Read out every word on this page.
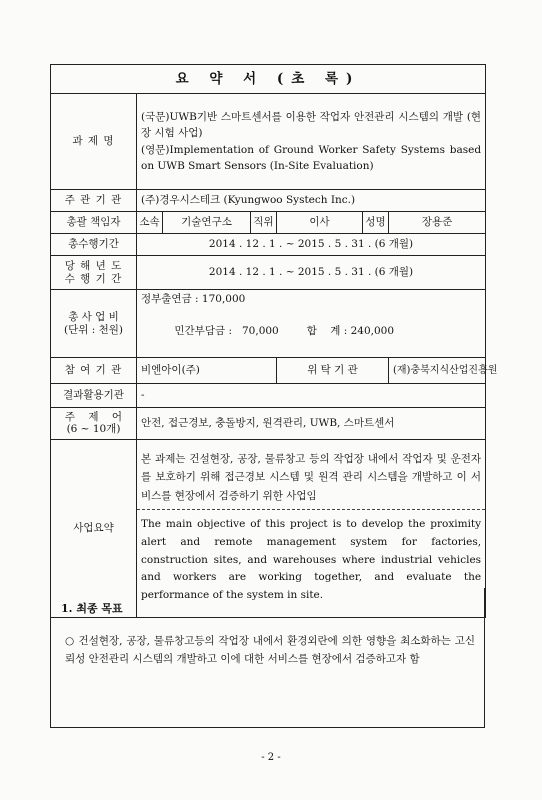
요 약 서 (초 록)						
과 제 명	(국문)UWB기반 스마트센서를 이용한 작업자 안전관리 시스템의 개발 (현장 시험 사업)
(영문)Implementation of Ground Worker Safety Systems based on UWB Smart Sensors (In-Site Evaluation)					

주 관 기 관	(주)경우시스테크 (Kyungwoo Systech Inc.)					
총괄 책임자	소속	기술연구소	직위	이사	성명	장용준
총수행기간	2014 . 12 . 1 . ~ 2015 . 5 . 31 . (6 개월)					

당 해 년 도
수 행 기 간	2014 . 12 . 1 . ~ 2015 . 5 . 31 . (6 개월)					

총 사 업 비
(단위 : 천원)	정부출연금 : 170,000

민간부담금 :   70,000 합    계 : 240,000					

참 여 기 관	비엔아이(주)			위 탁 기 관		(재)충북지식산업진흥원
결과활용기관	-					

주    제    어
(6 ~ 10개)	안전, 접근경보, 충돌방지, 원격관리, UWB, 스마트센서					
사업요약	본 과제는 건설현장, 공장, 물류창고 등의 작업장 내에서 작업자 및 운전자를 보호하기 위해 접근경보 시스템 및 원격 관리 시스템을 개발하고 이 서비스를 현장에서 검증하기 위한 사업임
The main objective of this project is to develop the proximity alert and remote management system for factories, construction sites, and warehouses where industrial vehicles and workers are working together, and evaluate the performance of the system in site.					
1. 최종 목표
○ 건설현장, 공장, 물류창고등의 작업장 내에서 환경외란에 의한 영향을 최소화하는 고신뢰성 안전관리 시스템의 개발하고 이에 대한 서비스를 현장에서 검증하고자 함
- 2 -
